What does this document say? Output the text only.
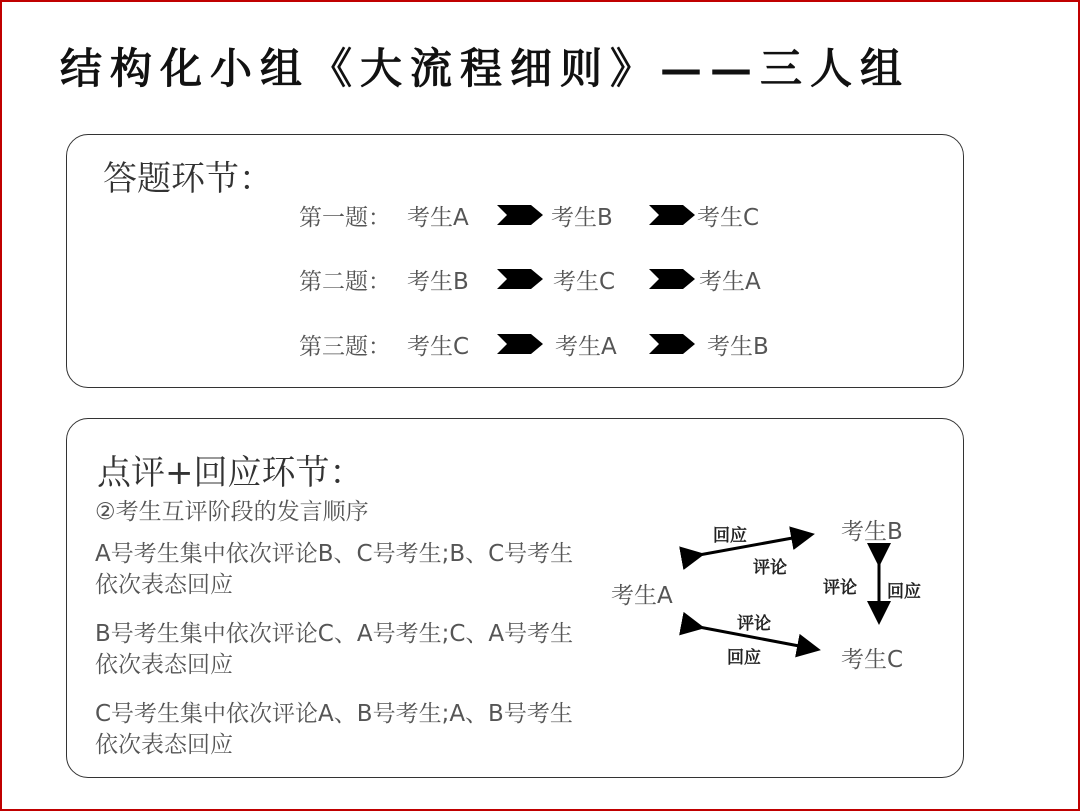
结构化小组《大流程细则》——三人组
答题环节：
第一题： 考生A	考生B	考生C
第二题： 考生B	考生C	考生A
第三题： 考生C	考生A	考生B
点评+回应环节：
②考生互评阶段的发言顺序
A号考生集中依次评论B、C号考生;B、C号考生依次表态回应
B号考生集中依次评论C、A号考生;C、A号考生依次表态回应
C号考生集中依次评论A、B号考生;A、B号考生依次表态回应
考生A
考生B
考生C
回应
评论
评论 回应
评论
回应
